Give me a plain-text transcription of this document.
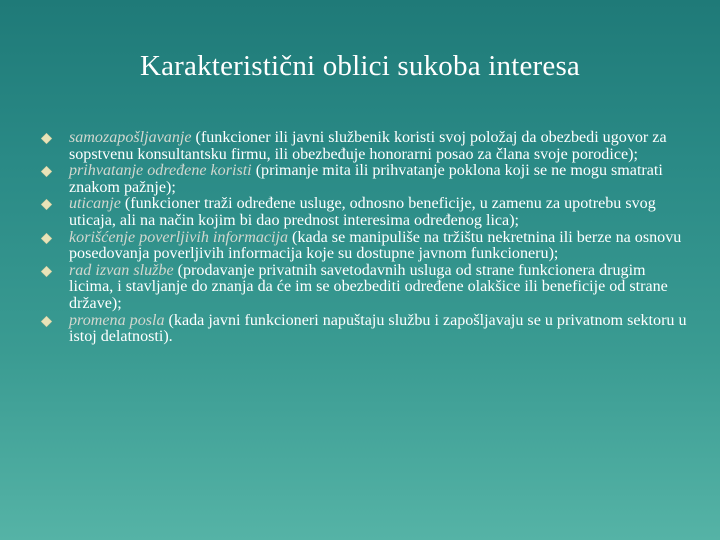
Karakteristični oblici sukoba interesa
samozapošljavanje (funkcioner ili javni službenik koristi svoj položaj da obezbedi ugovor za sopstvenu konsultantsku firmu, ili obezbeđuje honorarni posao za člana svoje porodice);
prihvatanje određene koristi (primanje mita ili prihvatanje poklona koji se ne mogu smatrati znakom pažnje);
uticanje (funkcioner traži određene usluge, odnosno beneficije, u zamenu za upotrebu svog uticaja, ali na način kojim bi dao prednost interesima određenog lica);
korišćenje poverljivih informacija (kada se manipuliše na tržištu nekretnina ili berze na osnovu posedovanja poverljivih informacija koje su dostupne javnom funkcioneru);
rad izvan službe (prodavanje privatnih savetodavnih usluga od strane funkcionera drugim licima, i stavljanje do znanja da će im se obezbediti određene olakšice ili beneficije od strane države);
promena posla (kada javni funkcioneri napuštaju službu i zapošljavaju se u privatnom sektoru u istoj delatnosti).
